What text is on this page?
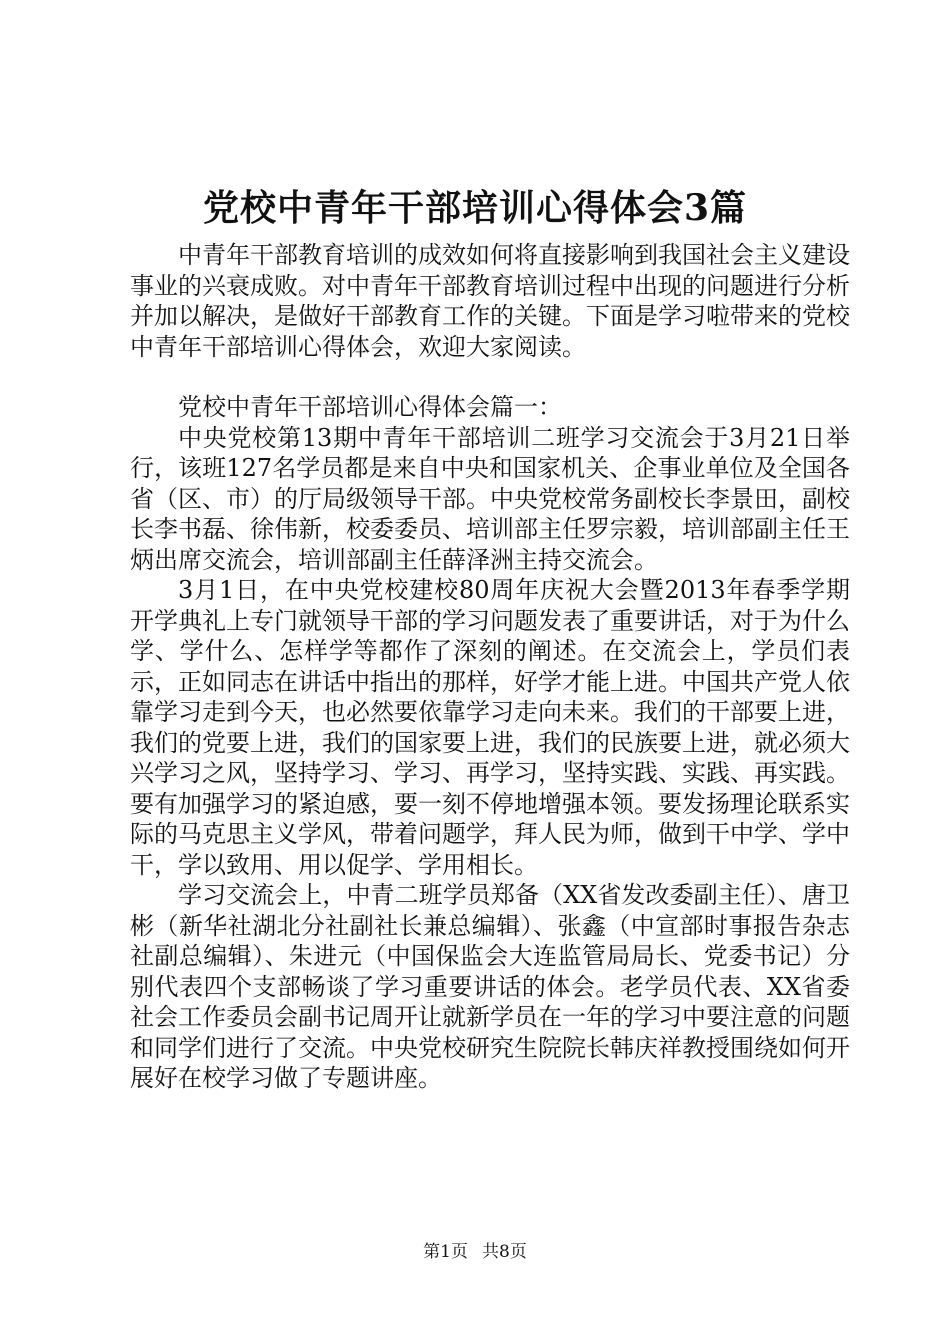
党校中青年干部培训心得体会3篇

中青年干部教育培训的成效如何将直接影响到我国社会主义建设事业的兴衰成败。对中青年干部教育培训过程中出现的问题进行分析并加以解决，是做好干部教育工作的关键。下面是学习啦带来的党校中青年干部培训心得体会，欢迎大家阅读。

党校中青年干部培训心得体会篇一：

中央党校第13期中青年干部培训二班学习交流会于3月21日举行，该班127名学员都是来自中央和国家机关、企事业单位及全国各省（区、市）的厅局级领导干部。中央党校常务副校长李景田，副校长李书磊、徐伟新，校委委员、培训部主任罗宗毅，培训部副主任王炳出席交流会，培训部副主任薛泽洲主持交流会。

3月1日，在中央党校建校80周年庆祝大会暨2013年春季学期开学典礼上专门就领导干部的学习问题发表了重要讲话，对于为什么学、学什么、怎样学等都作了深刻的阐述。在交流会上，学员们表示，正如同志在讲话中指出的那样，好学才能上进。中国共产党人依靠学习走到今天，也必然要依靠学习走向未来。我们的干部要上进，我们的党要上进，我们的国家要上进，我们的民族要上进，就必须大兴学习之风，坚持学习、学习、再学习，坚持实践、实践、再实践。要有加强学习的紧迫感，要一刻不停地增强本领。要发扬理论联系实际的马克思主义学风，带着问题学，拜人民为师，做到干中学、学中干，学以致用、用以促学、学用相长。

学习交流会上，中青二班学员郑备（XX省发改委副主任）、唐卫彬（新华社湖北分社副社长兼总编辑）、张鑫（中宣部时事报告杂志社副总编辑）、朱进元（中国保监会大连监管局局长、党委书记）分别代表四个支部畅谈了学习重要讲话的体会。老学员代表、XX省委社会工作委员会副书记周开让就新学员在一年的学习中要注意的问题和同学们进行了交流。中央党校研究生院院长韩庆祥教授围绕如何开展好在校学习做了专题讲座。

第1页 共8页
